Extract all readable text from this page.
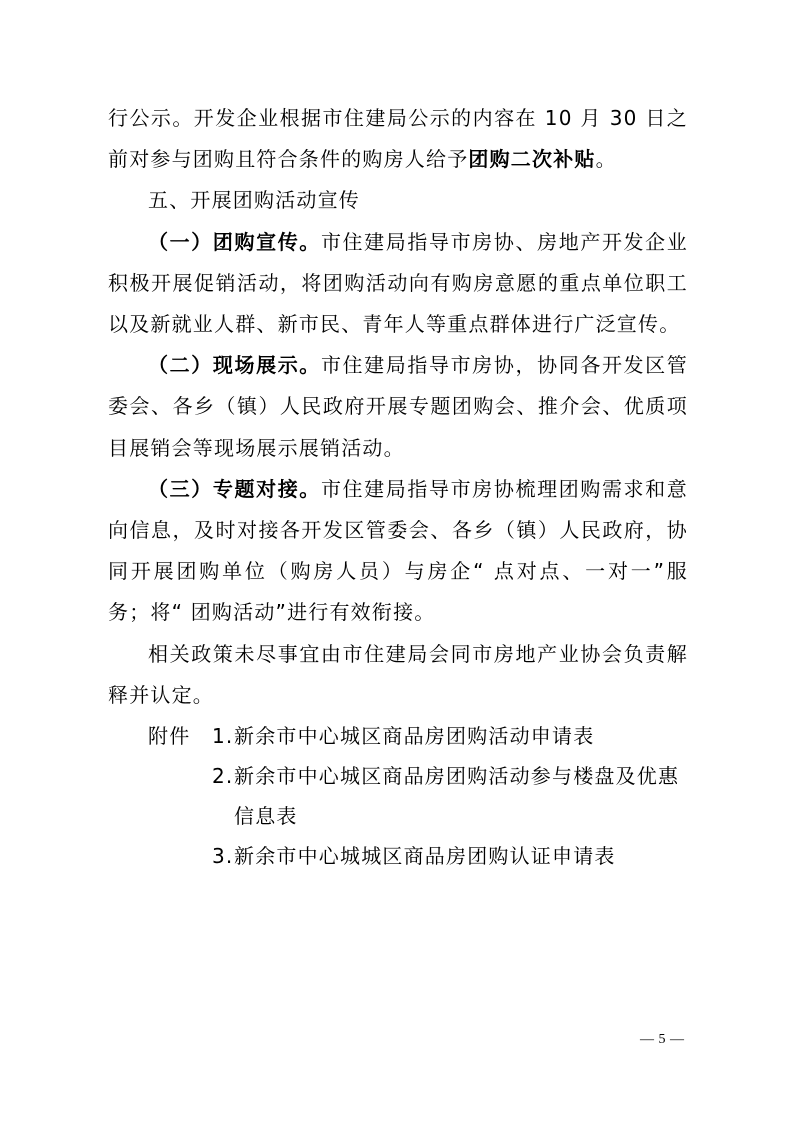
行公示。开发企业根据市住建局公示的内容在 10 月 30 日之前对参与团购且符合条件的购房人给予团购二次补贴。

五、开展团购活动宣传

（一）团购宣传。市住建局指导市房协、房地产开发企业积极开展促销活动，将团购活动向有购房意愿的重点单位职工以及新就业人群、新市民、青年人等重点群体进行广泛宣传。

（二）现场展示。市住建局指导市房协，协同各开发区管委会、各乡（镇）人民政府开展专题团购会、推介会、优质项目展销会等现场展示展销活动。

（三）专题对接。市住建局指导市房协梳理团购需求和意向信息，及时对接各开发区管委会、各乡（镇）人民政府，协同开展团购单位（购房人员）与房企“ 点对点、一对一”服务；将“ 团购活动”进行有效衔接。

相关政策未尽事宜由市住建局会同市房地产业协会负责解释并认定。

附件	1.新余市中心城区商品房团购活动申请表
2.新余市中心城区商品房团购活动参与楼盘及优惠
信息表
3.新余市中心城城区商品房团购认证申请表
— 5 —
